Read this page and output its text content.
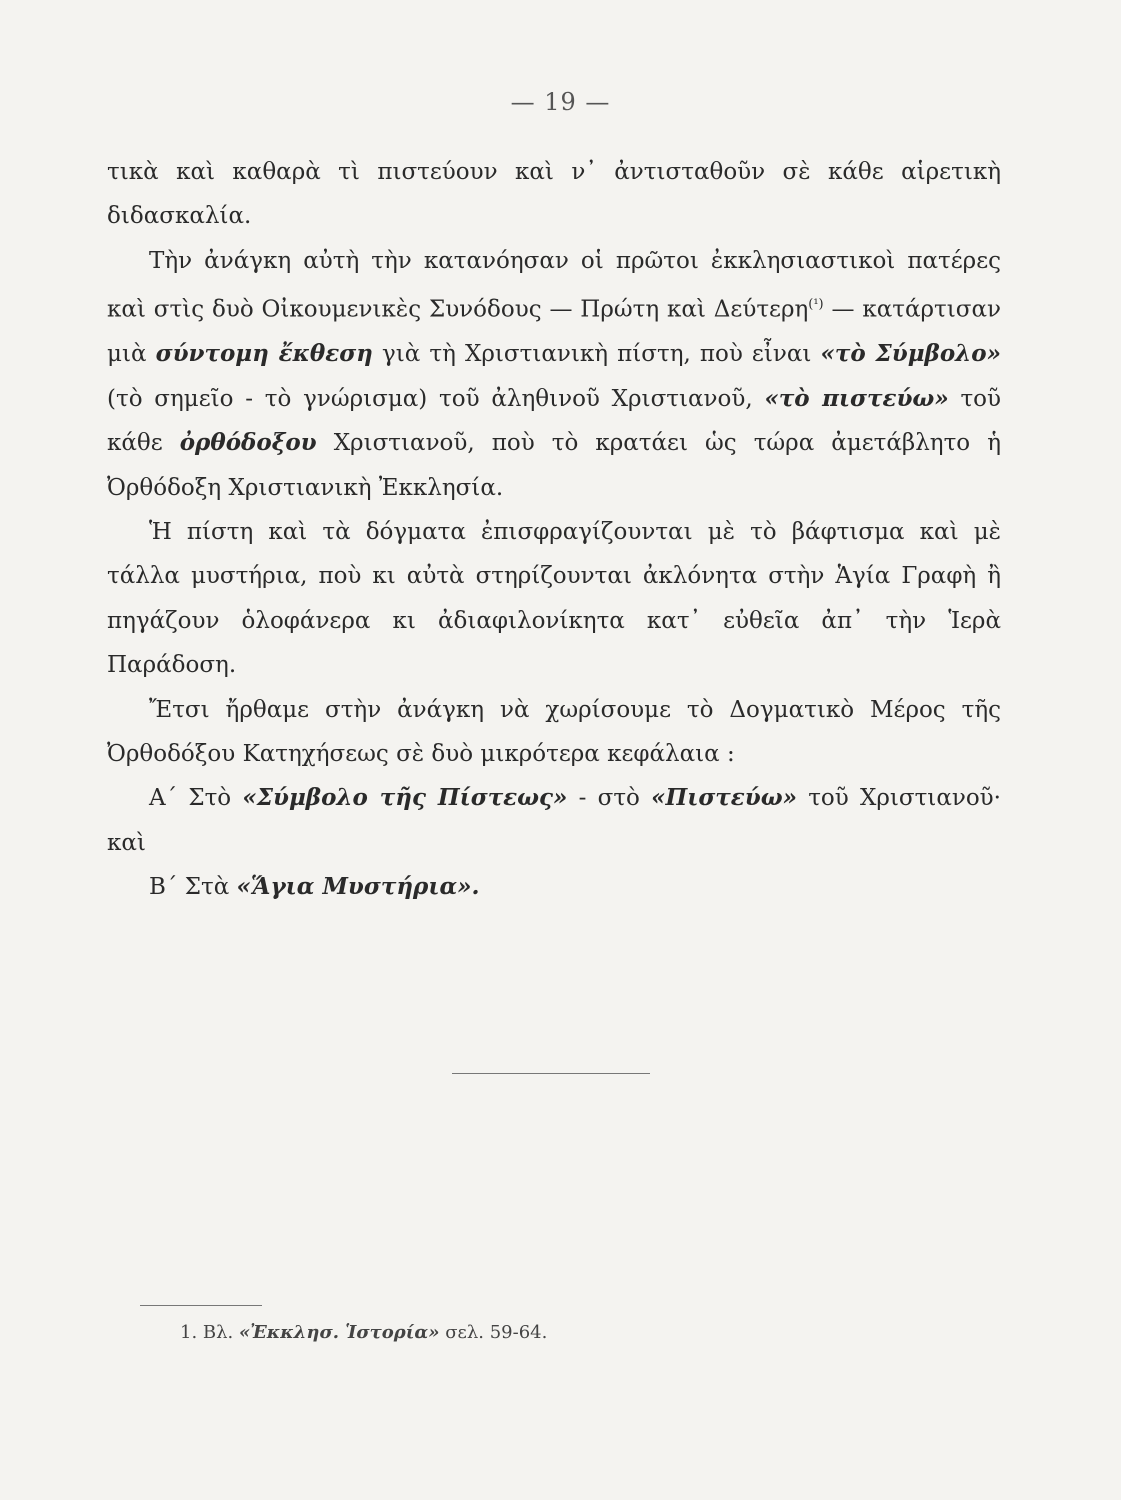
— 19 —

τικὰ καὶ καθαρὰ τὶ πιστεύουν καὶ ν᾽ ἀντισταθοῦν σὲ κάθε αἱρετικὴ διδασκαλία.

Τὴν ἀνάγκη αὐτὴ τὴν κατανόησαν οἱ πρῶτοι ἐκκλησιαστικοὶ πατέρες καὶ στὶς δυὸ Οἰκουμενικὲς Συνόδους — Πρώτη καὶ Δεύτερη$^{(^1)}$ — κατάρτισαν μιὰ σύντομη ἔκθεση γιὰ τὴ Χριστιανικὴ πίστη, ποὺ εἶναι «τὸ Σύμβολο» (τὸ σημεῖο - τὸ γνώρισμα) τοῦ ἀληθινοῦ Χριστιανοῦ, «τὸ πιστεύω» τοῦ κάθε ὀρθόδοξου Χριστιανοῦ, ποὺ τὸ κρατάει ὡς τώρα ἀμετάβλητο ἡ Ὀρθόδοξη Χριστιανικὴ Ἐκκλησία.

Ἡ πίστη καὶ τὰ δόγματα ἐπισφραγίζουνται μὲ τὸ βάφτισμα καὶ μὲ τάλλα μυστήρια, ποὺ κι αὐτὰ στηρίζουνται ἀκλόνητα στὴν Ἁγία Γραφὴ ἢ πηγάζουν ὁλοφάνερα κι ἀδιαφιλονίκητα κατ᾽ εὐθεῖα ἀπ᾽ τὴν Ἱερὰ Παράδοση.

Ἔτσι ἤρθαμε στὴν ἀνάγκη νὰ χωρίσουμε τὸ Δογματικὸ Μέρος τῆς Ὀρθοδόξου Κατηχήσεως σὲ δυὸ μικρότερα κεφάλαια :

Α΄ Στὸ «Σύμβολο τῆς Πίστεως» - στὸ «Πιστεύω» τοῦ Χριστιανοῦ· καὶ

Β΄ Στὰ «Ἅγια Μυστήρια».

1. Βλ. «Ἐκκλησ. Ἱστορία» σελ. 59-64.
